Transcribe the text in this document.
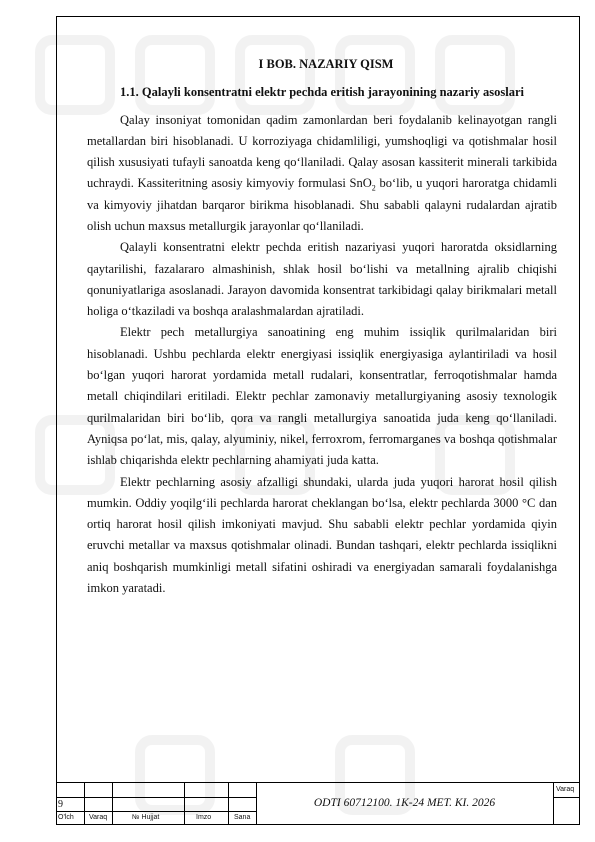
I BOB. NAZARIY QISM
1.1. Qalayli konsentratni elektr pechda eritish jarayonining nazariy asoslari

Qalay insoniyat tomonidan qadim zamonlardan beri foydalanib kelinayotgan rangli metallardan biri hisoblanadi. U korroziyaga chidamliligi, yumshoqligi va qotishmalar hosil qilish xususiyati tufayli sanoatda keng qo‘llaniladi. Qalay asosan kassiterit minerali tarkibida uchraydi. Kassiteritning asosiy kimyoviy formulasi SnO$_2$ bo‘lib, u yuqori haroratga chidamli va kimyoviy jihatdan barqaror birikma hisoblanadi. Shu sababli qalayni rudalardan ajratib olish uchun maxsus metallurgik jarayonlar qo‘llaniladi.

Qalayli konsentratni elektr pechda eritish nazariyasi yuqori haroratda oksidlarning qaytarilishi, fazalararo almashinish, shlak hosil bo‘lishi va metallning ajralib chiqishi qonuniyatlariga asoslanadi. Jarayon davomida konsentrat tarkibidagi qalay birikmalari metall holiga o‘tkaziladi va boshqa aralashmalardan ajratiladi.

Elektr pech metallurgiya sanoatining eng muhim issiqlik qurilmalaridan biri hisoblanadi. Ushbu pechlarda elektr energiyasi issiqlik energiyasiga aylantiriladi va hosil bo‘lgan yuqori harorat yordamida metall rudalari, konsentratlar, ferroqotishmalar hamda metall chiqindilari eritiladi. Elektr pechlar zamonaviy metallurgiyaning asosiy texnologik qurilmalaridan biri bo‘lib, qora va rangli metallurgiya sanoatida juda keng qo‘llaniladi. Ayniqsa po‘lat, mis, qalay, alyuminiy, nikel, ferroxrom, ferromarganes va boshqa qotishmalar ishlab chiqarishda elektr pechlarning ahamiyati juda katta.

Elektr pechlarning asosiy afzalligi shundaki, ularda juda yuqori harorat hosil qilish mumkin. Oddiy yoqilg‘ili pechlarda harorat cheklangan bo‘lsa, elektr pechlarda 3000 °C dan ortiq harorat hosil qilish imkoniyati mavjud. Shu sababli elektr pechlar yordamida qiyin eruvchi metallar va maxsus qotishmalar olinadi. Bundan tashqari, elektr pechlarda issiqlikni aniq boshqarish mumkinligi metall sifatini oshiradi va energiyadan samarali foydalanishga imkon yaratadi.

9
O'lch Varaq	№ Hujjat	Imzo	Sana
ODTI 60712100. 1K-24 MET. KI. 2026
Varaq
